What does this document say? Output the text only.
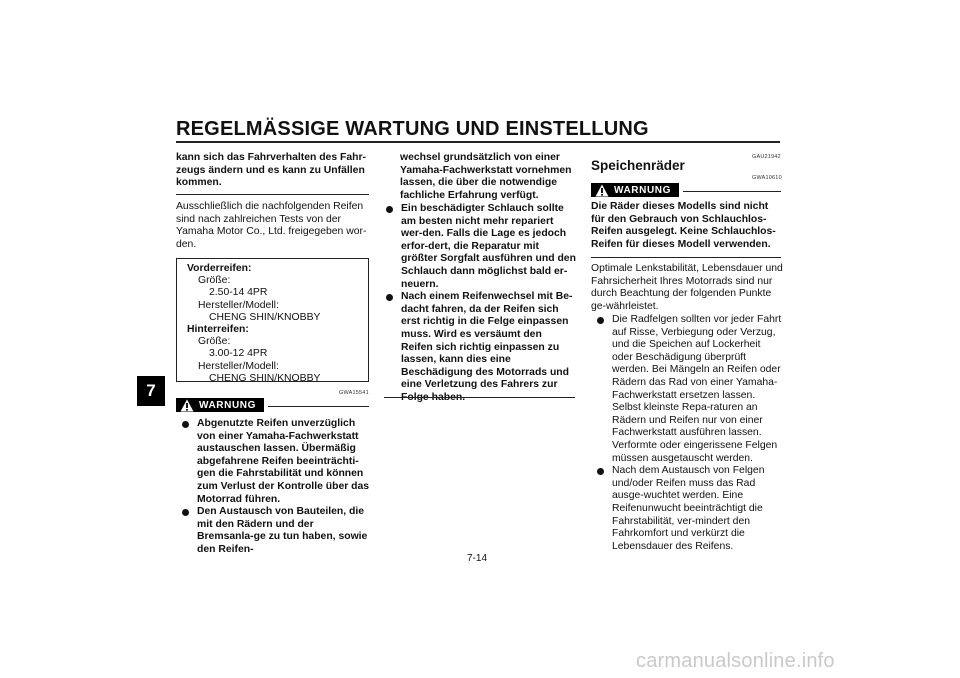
REGELMÄSSIGE WARTUNG UND EINSTELLUNG
7
kann sich das Fahrverhalten des Fahr-zeugs ändern und es kann zu Unfällen kommen.
Ausschließlich die nachfolgenden Reifen sind nach zahlreichen Tests von der Yamaha Motor Co., Ltd. freigegeben wor-den.
Vorderreifen:
Größe:
2.50-14 4PR
Hersteller/Modell:
CHENG SHIN/KNOBBY
Hinterreifen:
Größe:
3.00-12 4PR
Hersteller/Modell:
CHENG SHIN/KNOBBY
GWA15541
WARNUNG
Abgenutzte Reifen unverzüglich von einer Yamaha-Fachwerkstatt austauschen lassen. Übermäßig abgefahrene Reifen beeinträchti-gen die Fahrstabilität und können zum Verlust der Kontrolle über das Motorrad führen.
Den Austausch von Bauteilen, die mit den Rädern und der Bremsanla-ge zu tun haben, sowie den Reifen-
wechsel grundsätzlich von einer Yamaha-Fachwerkstatt vornehmen lassen, die über die notwendige fachliche Erfahrung verfügt.
Ein beschädigter Schlauch sollte am besten nicht mehr repariert wer-den. Falls die Lage es jedoch erfor-dert, die Reparatur mit größter Sorgfalt ausführen und den Schlauch dann möglichst bald er-neuern.
Nach einem Reifenwechsel mit Be-dacht fahren, da der Reifen sich erst richtig in die Felge einpassen muss. Wird es versäumt den Reifen sich richtig einpassen zu lassen, kann dies eine Beschädigung des Motorrads und eine Verletzung des Fahrers zur
GAU21942
Speichenräder
GWA10610
WARNUNG
Die Räder dieses Modells sind nicht für den Gebrauch von Schlauchlos-Reifen ausgelegt. Keine Schlauchlos-Reifen für dieses Modell verwenden.
Optimale Lenkstabilität, Lebensdauer und Fahrsicherheit Ihres Motorrads sind nur durch Beachtung der folgenden Punkte ge-währleistet.
Die Radfelgen sollten vor jeder Fahrt auf Risse, Verbiegung oder Verzug, und die Speichen auf Lockerheit oder Beschädigung überprüft werden. Bei Mängeln an Reifen oder Rädern das Rad von einer Yamaha-Fachwerkstatt ersetzen lassen. Selbst kleinste Repa-raturen an Rädern und Reifen nur von einer Fachwerkstatt ausführen lassen. Verformte oder eingerissene Felgen müssen ausgetauscht werden.
Nach dem Austausch von Felgen und/oder Reifen muss das Rad ausge-wuchtet werden. Eine Reifenunwucht beeinträchtigt die Fahrstabilität, ver-mindert den Fahrkomfort und verkürzt die Lebensdauer des Reifens.
7-14
carmanualsonline.info
